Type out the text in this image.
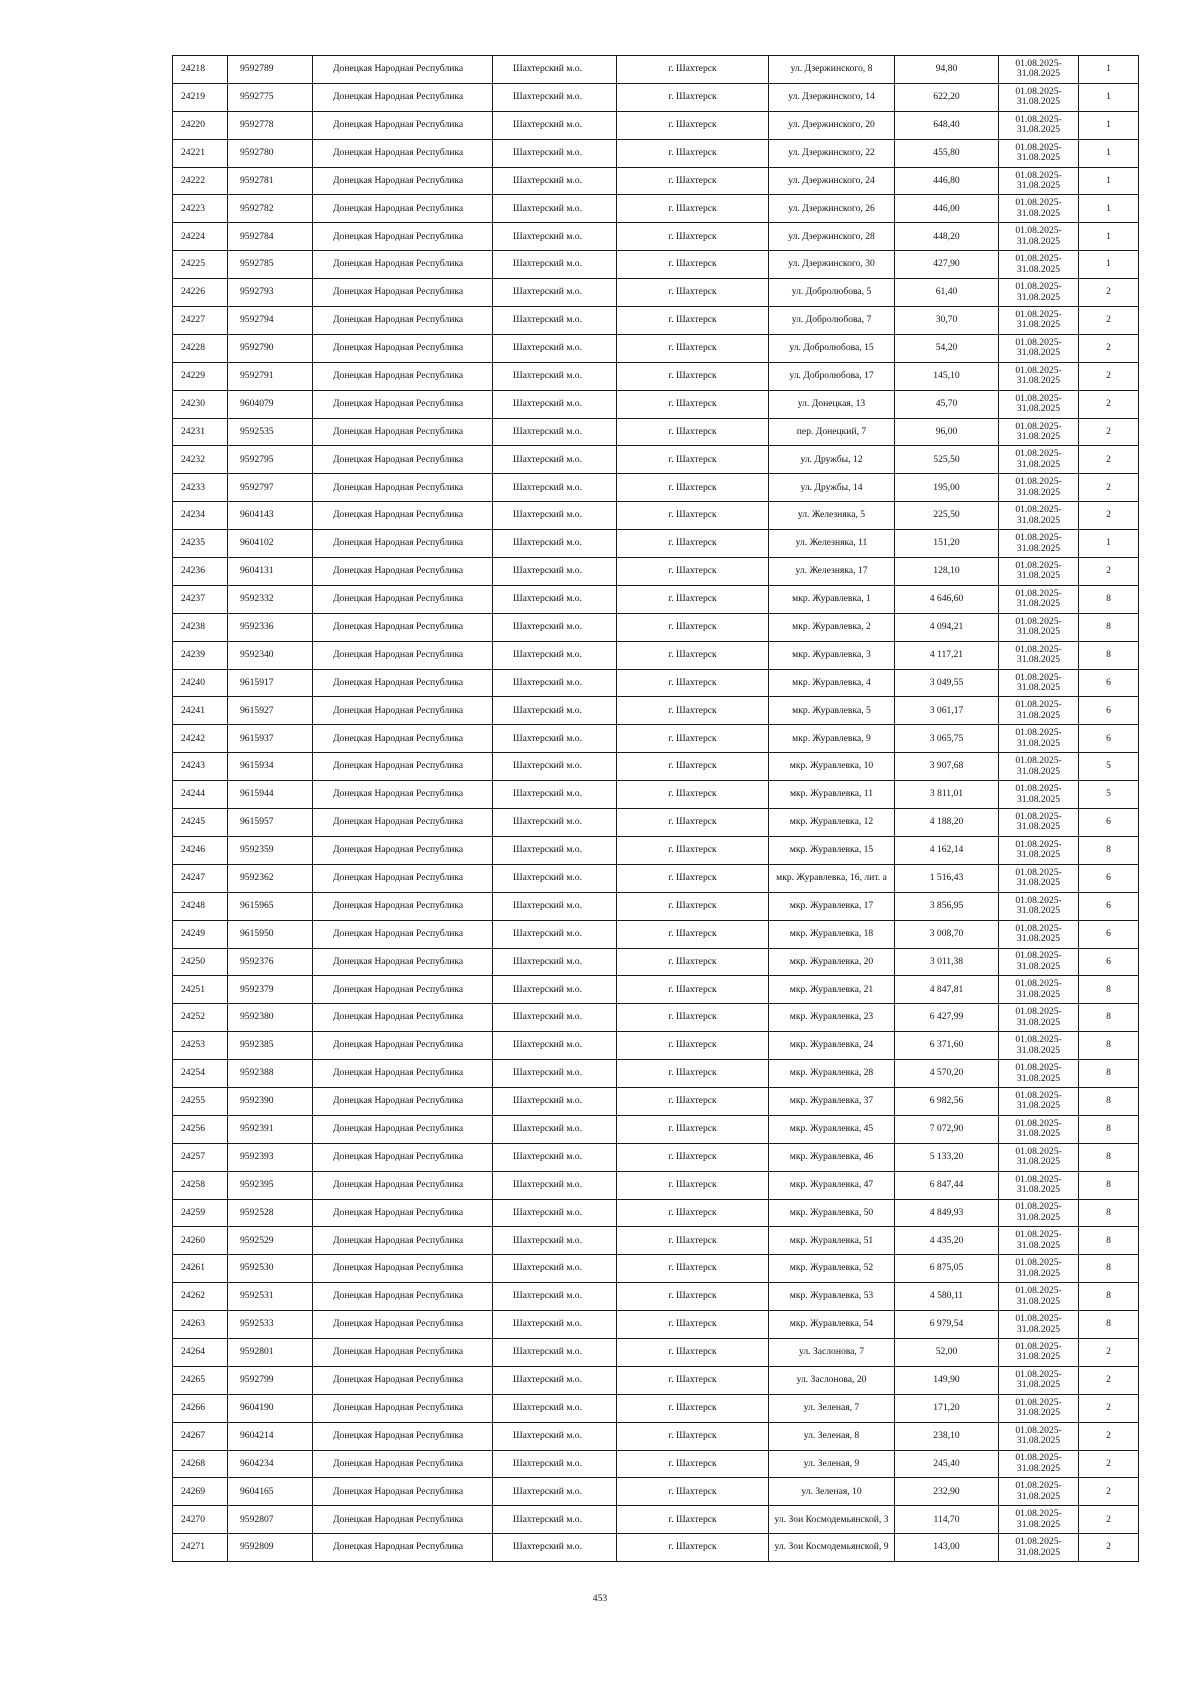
24218	9592789	Донецкая Народная Республика	Шахтерский м.о.	г. Шахтерск	ул. Дзержинского, 8	94,80	01.08.2025- 31.08.2025	1
24219	9592775	Донецкая Народная Республика	Шахтерский м.о.	г. Шахтерск	ул. Дзержинского, 14	622,20	01.08.2025- 31.08.2025	1
24220	9592778	Донецкая Народная Республика	Шахтерский м.о.	г. Шахтерск	ул. Дзержинского, 20	648,40	01.08.2025- 31.08.2025	1
24221	9592780	Донецкая Народная Республика	Шахтерский м.о.	г. Шахтерск	ул. Дзержинского, 22	455,80	01.08.2025- 31.08.2025	1
24222	9592781	Донецкая Народная Республика	Шахтерский м.о.	г. Шахтерск	ул. Дзержинского, 24	446,80	01.08.2025- 31.08.2025	1
24223	9592782	Донецкая Народная Республика	Шахтерский м.о.	г. Шахтерск	ул. Дзержинского, 26	446,00	01.08.2025- 31.08.2025	1
24224	9592784	Донецкая Народная Республика	Шахтерский м.о.	г. Шахтерск	ул. Дзержинского, 28	448,20	01.08.2025- 31.08.2025	1
24225	9592785	Донецкая Народная Республика	Шахтерский м.о.	г. Шахтерск	ул. Дзержинского, 30	427,90	01.08.2025- 31.08.2025	1
24226	9592793	Донецкая Народная Республика	Шахтерский м.о.	г. Шахтерск	ул. Добролюбова, 5	61,40	01.08.2025- 31.08.2025	2
24227	9592794	Донецкая Народная Республика	Шахтерский м.о.	г. Шахтерск	ул. Добролюбова, 7	30,70	01.08.2025- 31.08.2025	2
24228	9592790	Донецкая Народная Республика	Шахтерский м.о.	г. Шахтерск	ул. Добролюбова, 15	54,20	01.08.2025- 31.08.2025	2
24229	9592791	Донецкая Народная Республика	Шахтерский м.о.	г. Шахтерск	ул. Добролюбова, 17	145,10	01.08.2025- 31.08.2025	2
24230	9604079	Донецкая Народная Республика	Шахтерский м.о.	г. Шахтерск	ул. Донецкая, 13	45,70	01.08.2025- 31.08.2025	2
24231	9592535	Донецкая Народная Республика	Шахтерский м.о.	г. Шахтерск	пер. Донецкий, 7	96,00	01.08.2025- 31.08.2025	2
24232	9592795	Донецкая Народная Республика	Шахтерский м.о.	г. Шахтерск	ул. Дружбы, 12	525,50	01.08.2025- 31.08.2025	2
24233	9592797	Донецкая Народная Республика	Шахтерский м.о.	г. Шахтерск	ул. Дружбы, 14	195,00	01.08.2025- 31.08.2025	2
24234	9604143	Донецкая Народная Республика	Шахтерский м.о.	г. Шахтерск	ул. Железняка, 5	225,50	01.08.2025- 31.08.2025	2
24235	9604102	Донецкая Народная Республика	Шахтерский м.о.	г. Шахтерск	ул. Железняка, 11	151,20	01.08.2025- 31.08.2025	1
24236	9604131	Донецкая Народная Республика	Шахтерский м.о.	г. Шахтерск	ул. Железняка, 17	128,10	01.08.2025- 31.08.2025	2
24237	9592332	Донецкая Народная Республика	Шахтерский м.о.	г. Шахтерск	мкр. Журавлевка, 1	4 646,60	01.08.2025- 31.08.2025	8
24238	9592336	Донецкая Народная Республика	Шахтерский м.о.	г. Шахтерск	мкр. Журавлевка, 2	4 094,21	01.08.2025- 31.08.2025	8
24239	9592340	Донецкая Народная Республика	Шахтерский м.о.	г. Шахтерск	мкр. Журавлевка, 3	4 117,21	01.08.2025- 31.08.2025	8
24240	9615917	Донецкая Народная Республика	Шахтерский м.о.	г. Шахтерск	мкр. Журавлевка, 4	3 049,55	01.08.2025- 31.08.2025	6
24241	9615927	Донецкая Народная Республика	Шахтерский м.о.	г. Шахтерск	мкр. Журавлевка, 5	3 061,17	01.08.2025- 31.08.2025	6
24242	9615937	Донецкая Народная Республика	Шахтерский м.о.	г. Шахтерск	мкр. Журавлевка, 9	3 065,75	01.08.2025- 31.08.2025	6
24243	9615934	Донецкая Народная Республика	Шахтерский м.о.	г. Шахтерск	мкр. Журавлевка, 10	3 907,68	01.08.2025- 31.08.2025	5
24244	9615944	Донецкая Народная Республика	Шахтерский м.о.	г. Шахтерск	мкр. Журавлевка, 11	3 811,01	01.08.2025- 31.08.2025	5
24245	9615957	Донецкая Народная Республика	Шахтерский м.о.	г. Шахтерск	мкр. Журавлевка, 12	4 188,20	01.08.2025- 31.08.2025	6
24246	9592359	Донецкая Народная Республика	Шахтерский м.о.	г. Шахтерск	мкр. Журавлевка, 15	4 162,14	01.08.2025- 31.08.2025	8
24247	9592362	Донецкая Народная Республика	Шахтерский м.о.	г. Шахтерск	мкр. Журавлевка, 16, лит. а	1 516,43	01.08.2025- 31.08.2025	6
24248	9615965	Донецкая Народная Республика	Шахтерский м.о.	г. Шахтерск	мкр. Журавлевка, 17	3 856,95	01.08.2025- 31.08.2025	6
24249	9615950	Донецкая Народная Республика	Шахтерский м.о.	г. Шахтерск	мкр. Журавлевка, 18	3 008,70	01.08.2025- 31.08.2025	6
24250	9592376	Донецкая Народная Республика	Шахтерский м.о.	г. Шахтерск	мкр. Журавлевка, 20	3 011,38	01.08.2025- 31.08.2025	6
24251	9592379	Донецкая Народная Республика	Шахтерский м.о.	г. Шахтерск	мкр. Журавлевка, 21	4 847,81	01.08.2025- 31.08.2025	8
24252	9592380	Донецкая Народная Республика	Шахтерский м.о.	г. Шахтерск	мкр. Журавлевка, 23	6 427,99	01.08.2025- 31.08.2025	8
24253	9592385	Донецкая Народная Республика	Шахтерский м.о.	г. Шахтерск	мкр. Журавлевка, 24	6 371,60	01.08.2025- 31.08.2025	8
24254	9592388	Донецкая Народная Республика	Шахтерский м.о.	г. Шахтерск	мкр. Журавлевка, 28	4 570,20	01.08.2025- 31.08.2025	8
24255	9592390	Донецкая Народная Республика	Шахтерский м.о.	г. Шахтерск	мкр. Журавлевка, 37	6 982,56	01.08.2025- 31.08.2025	8
24256	9592391	Донецкая Народная Республика	Шахтерский м.о.	г. Шахтерск	мкр. Журавлевка, 45	7 072,90	01.08.2025- 31.08.2025	8
24257	9592393	Донецкая Народная Республика	Шахтерский м.о.	г. Шахтерск	мкр. Журавлевка, 46	5 133,20	01.08.2025- 31.08.2025	8
24258	9592395	Донецкая Народная Республика	Шахтерский м.о.	г. Шахтерск	мкр. Журавлевка, 47	6 847,44	01.08.2025- 31.08.2025	8
24259	9592528	Донецкая Народная Республика	Шахтерский м.о.	г. Шахтерск	мкр. Журавлевка, 50	4 849,93	01.08.2025- 31.08.2025	8
24260	9592529	Донецкая Народная Республика	Шахтерский м.о.	г. Шахтерск	мкр. Журавлевка, 51	4 435,20	01.08.2025- 31.08.2025	8
24261	9592530	Донецкая Народная Республика	Шахтерский м.о.	г. Шахтерск	мкр. Журавлевка, 52	6 875,05	01.08.2025- 31.08.2025	8
24262	9592531	Донецкая Народная Республика	Шахтерский м.о.	г. Шахтерск	мкр. Журавлевка, 53	4 580,11	01.08.2025- 31.08.2025	8
24263	9592533	Донецкая Народная Республика	Шахтерский м.о.	г. Шахтерск	мкр. Журавлевка, 54	6 979,54	01.08.2025- 31.08.2025	8
24264	9592801	Донецкая Народная Республика	Шахтерский м.о.	г. Шахтерск	ул. Заслонова, 7	52,00	01.08.2025- 31.08.2025	2
24265	9592799	Донецкая Народная Республика	Шахтерский м.о.	г. Шахтерск	ул. Заслонова, 20	149,90	01.08.2025- 31.08.2025	2
24266	9604190	Донецкая Народная Республика	Шахтерский м.о.	г. Шахтерск	ул. Зеленая, 7	171,20	01.08.2025- 31.08.2025	2
24267	9604214	Донецкая Народная Республика	Шахтерский м.о.	г. Шахтерск	ул. Зеленая, 8	238,10	01.08.2025- 31.08.2025	2
24268	9604234	Донецкая Народная Республика	Шахтерский м.о.	г. Шахтерск	ул. Зеленая, 9	245,40	01.08.2025- 31.08.2025	2
24269	9604165	Донецкая Народная Республика	Шахтерский м.о.	г. Шахтерск	ул. Зеленая, 10	232,90	01.08.2025- 31.08.2025	2
24270	9592807	Донецкая Народная Республика	Шахтерский м.о.	г. Шахтерск	ул. Зои Космодемьянской, 3	114,70	01.08.2025- 31.08.2025	2
24271	9592809	Донецкая Народная Республика	Шахтерский м.о.	г. Шахтерск	ул. Зои Космодемьянской, 9	143,00	01.08.2025- 31.08.2025	2
453
